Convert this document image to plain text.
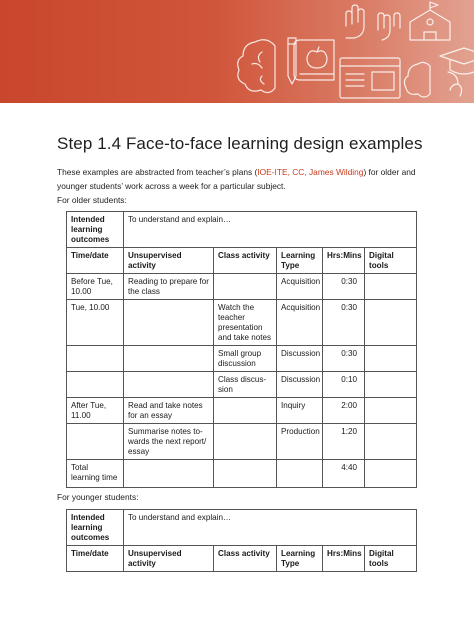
Step 1.4 Face-to-face learning design examples

These examples are abstracted from teacher’s plans (IOE-ITE, CC, James Wilding) for older and younger students’ work across a week for a particular subject.

For older students:
Intended learning outcomes	To understand and explain…				
Time/date	Unsupervised activity	Class activity	Learning Type	Hrs:Mins	Digital tools
Before Tue, 10.00	Reading to prepare for the class		Acquisition	0:30	
Tue, 10.00		Watch the teacher presentation and take notes	Acquisition	0:30	
		Small group discussion	Discussion	0:30	
		Class discus-sion	Discussion	0:10	
After Tue, 11.00	Read and take notes for an essay		Inquiry	2:00	
	Summarise notes to-wards the next report/ essay		Production	1:20	
Total learning time				4:40	
For younger students:
Intended learning outcomes	To understand and explain…				
Time/date	Unsupervised activity	Class activity	Learning Type	Hrs:Mins	Digital tools
